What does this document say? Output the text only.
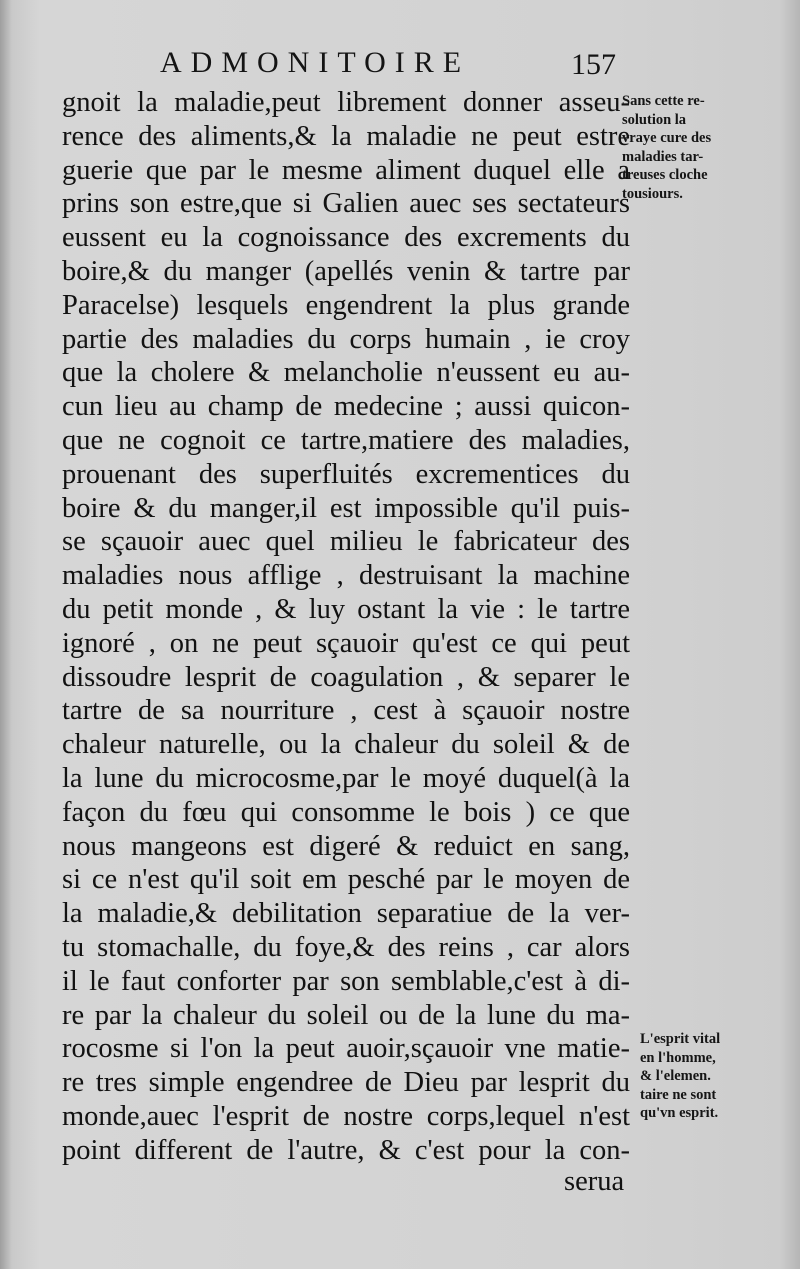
ADMONITOIRE	157
gnoit la maladie,peut librement donner asseu-
rence des aliments,& la maladie ne peut estre
guerie que par le mesme aliment duquel elle a
prins son estre,que si Galien auec ses sectateurs
eussent eu la cognoissance des excrements du
boire,& du manger (apellés venin & tartre par
Paracelse) lesquels engendrent la plus grande
partie des maladies du corps humain , ie croy
que la cholere & melancholie n'eussent eu au-
cun lieu au champ de medecine ; aussi quicon-
que ne cognoit ce tartre,matiere des maladies,
prouenant des superfluités excrementices du
boire & du manger,il est impossible qu'il puis-
se sçauoir auec quel milieu le fabricateur des
maladies nous afflige , destruisant la machine
du petit monde , & luy ostant la vie : le tartre
ignoré , on ne peut sçauoir qu'est ce qui peut
dissoudre lesprit de coagulation , & separer le
tartre de sa nourriture , cest à sçauoir nostre
chaleur naturelle, ou la chaleur du soleil & de
la lune du microcosme,par le moyé duquel(à la
façon du fœu qui consomme le bois ) ce que
nous mangeons est digeré & reduict en sang,
si ce n'est qu'il soit em pesché par le moyen de
la maladie,& debilitation separatiue de la ver-
tu stomachalle, du foye,& des reins , car alors
il le faut conforter par son semblable,c'est à di-
re par la chaleur du soleil ou de la lune du ma-
rocosme si l'on la peut auoir,sçauoir vne matie-
re tres simple engendree de Dieu par lesprit du
monde,auec l'esprit de nostre corps,lequel n'est
point different de l'autre, & c'est pour la con-
serua
Sans cette re-
solution la
vraye cure des
maladies tar-
treuses cloche
tousiours.
L'esprit vital
en l'homme,
& l'elemen.
taire ne sont
qu'vn esprit.
